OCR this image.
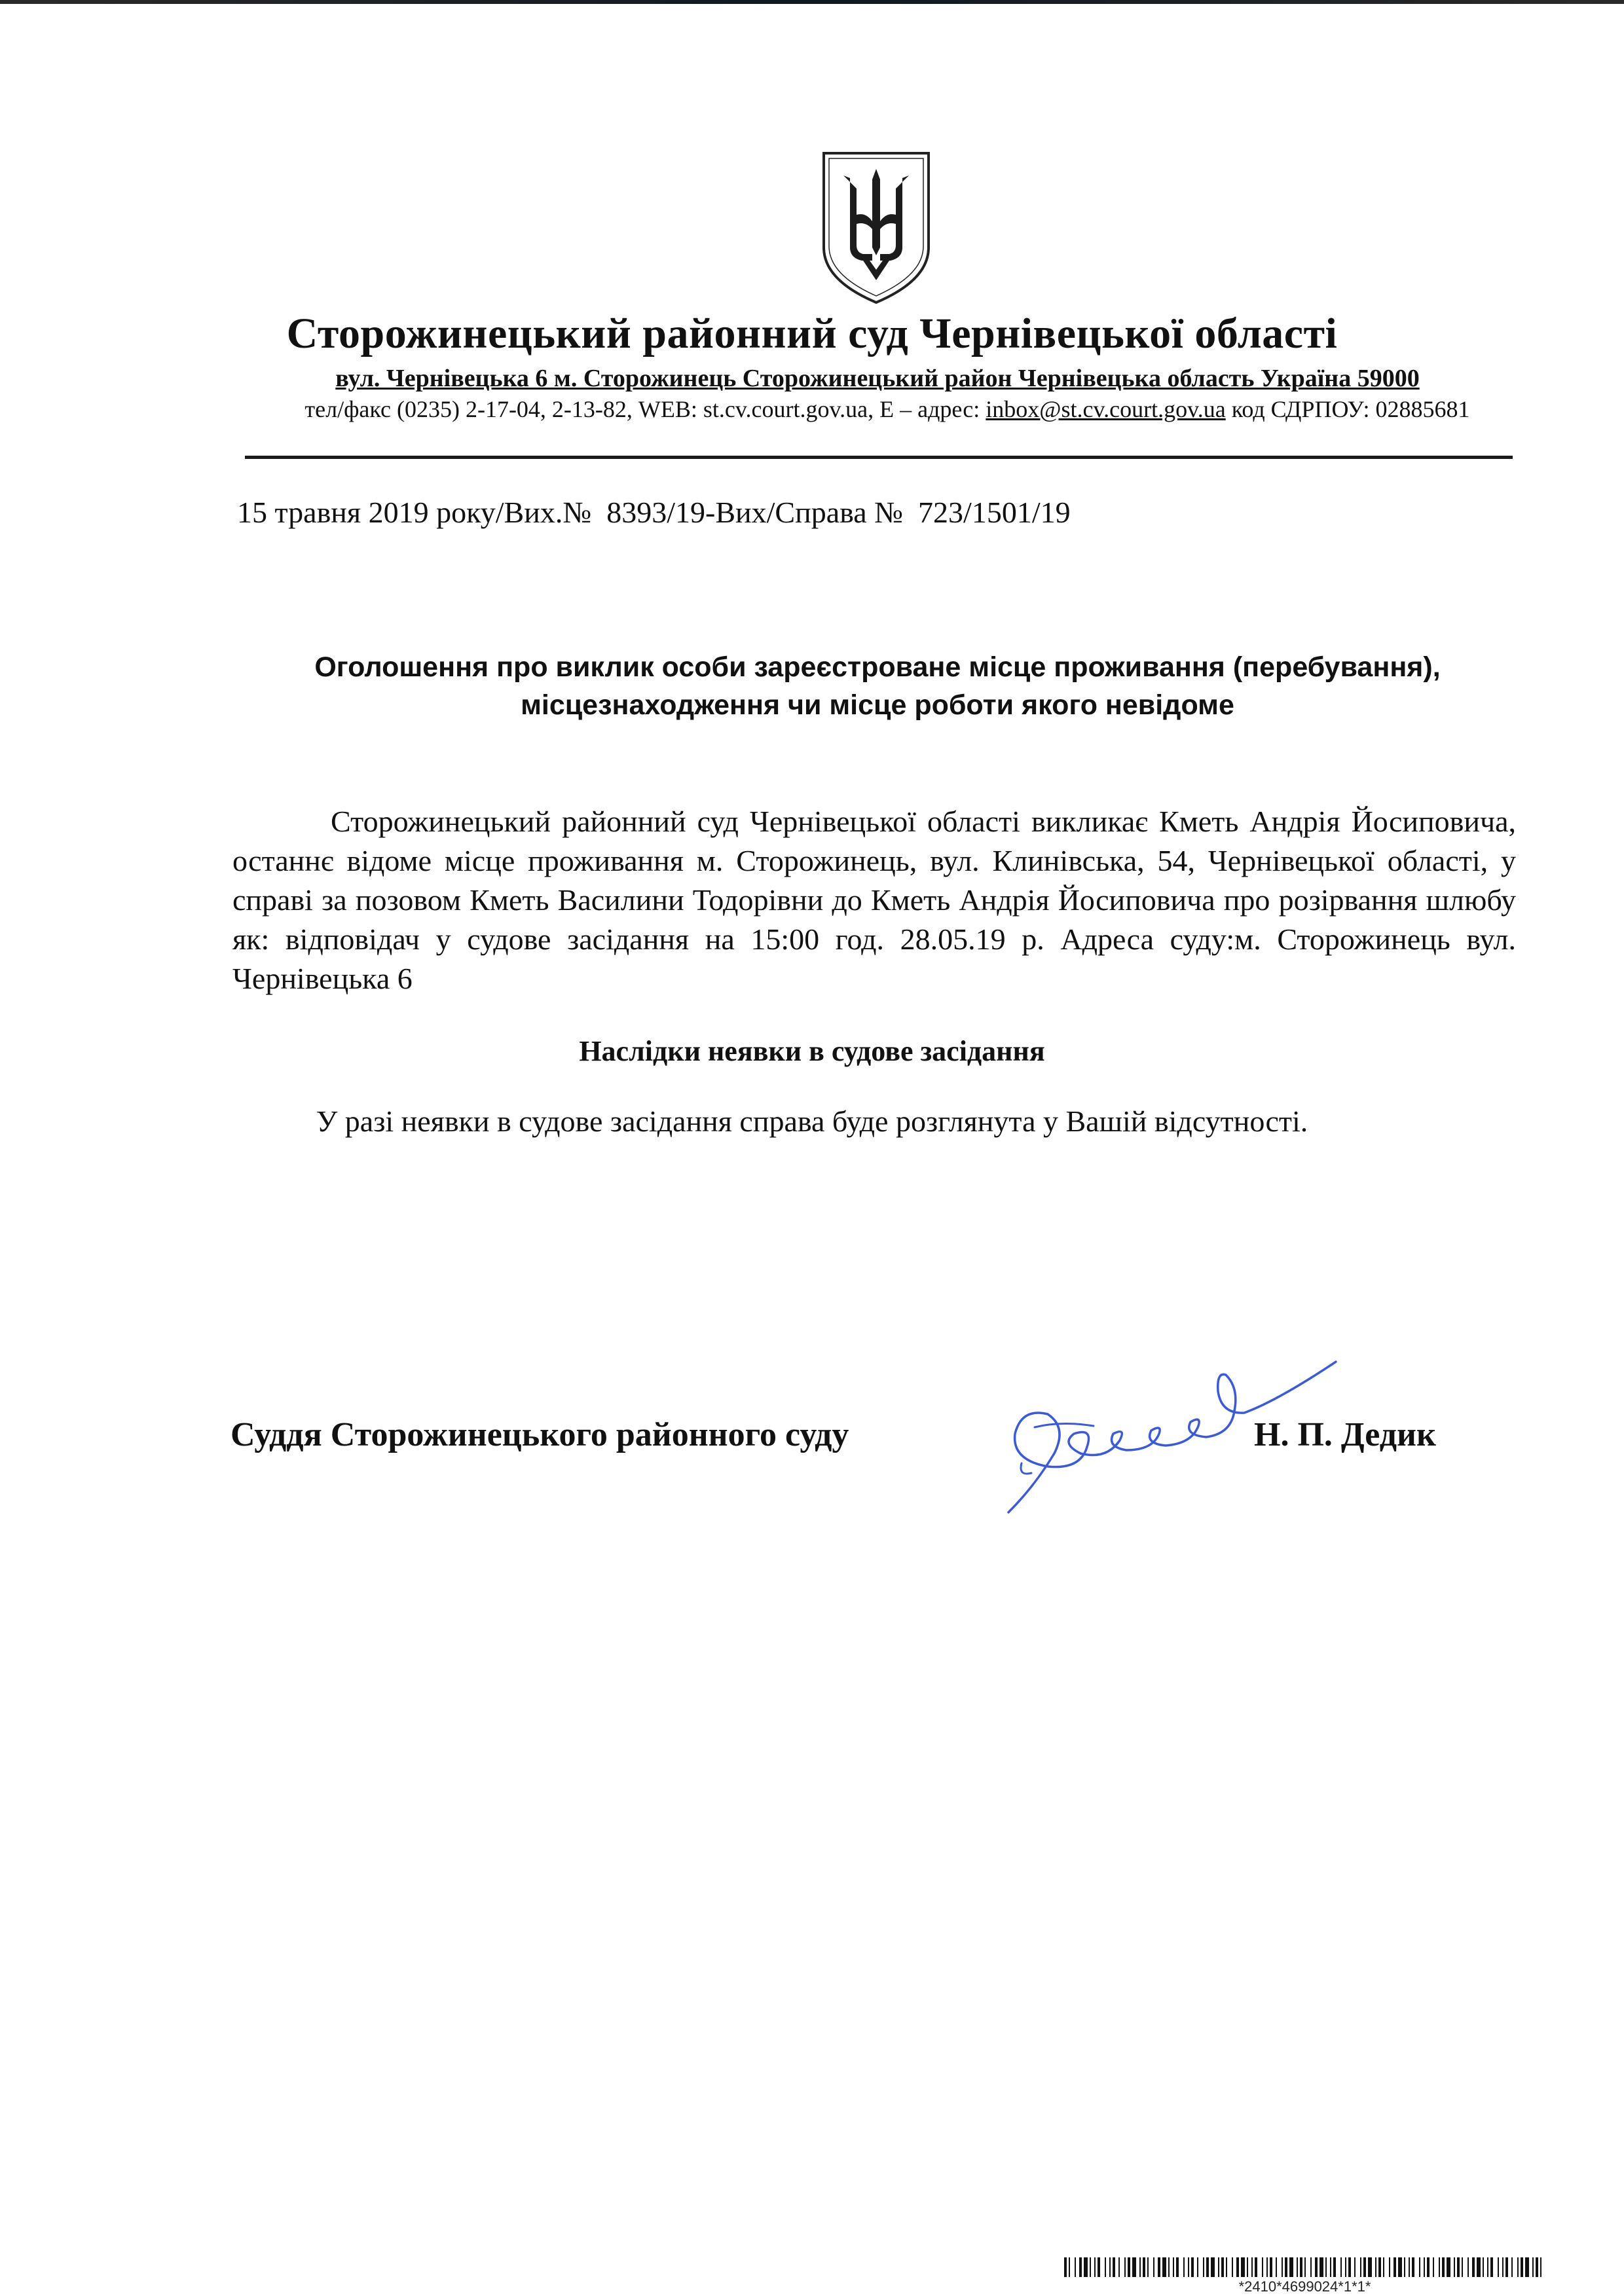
Сторожинецький районний суд Чернівецької області
вул. Чернівецька 6 м. Сторожинець Сторожинецький район Чернівецька область Україна 59000
тел/факс (0235) 2-17-04, 2-13-82, WEB: st.cv.court.gov.ua, Е – адрес: inbox@st.cv.court.gov.ua код СДРПОУ: 02885681
15 травня 2019 року/Вих.№  8393/19-Вих/Справа №  723/1501/19
Оголошення про виклик особи зареєстроване місце проживання (перебування),
місцезнаходження чи місце роботи якого невідоме
Сторожинецький районний суд Чернівецької області викликає Кметь Андрія Йосиповича, останнє відоме місце проживання м. Сторожинець, вул. Клинівська, 54, Чернівецької області, у справі за позовом Кметь Василини Тодорівни до Кметь Андрія Йосиповича про розірвання шлюбу як: відповідач у судове засідання на 15:00 год. 28.05.19 р. Адреса суду:м. Сторожинець вул. Чернівецька 6
Наслідки неявки в судове засідання
У разі неявки в судове засідання справа буде розглянута у Вашій відсутності.
Суддя Сторожинецького районного суду	Н. П. Дедик
*2410*4699024*1*1*
